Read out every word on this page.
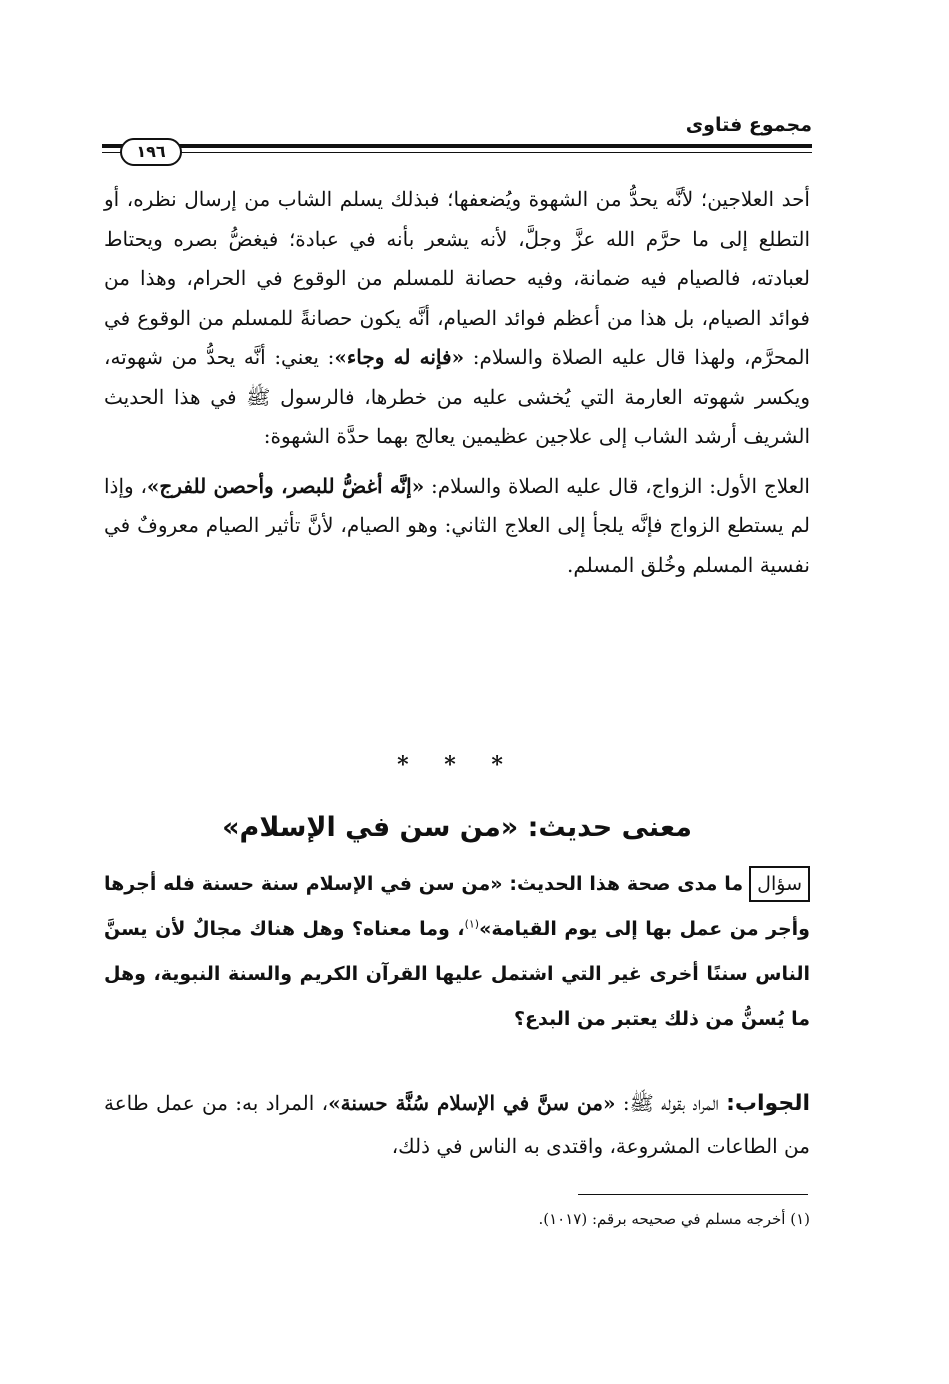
مجموع فتاوى
١٩٦

أحد العلاجين؛ لأنَّه يحدُّ من الشهوة ويُضعفها؛ فبذلك يسلم الشاب من إرسال نظره، أو التطلع إلى ما حرَّم الله عزَّ وجلَّ، لأنه يشعر بأنه في عبادة؛ فيغضُّ بصره ويحتاط لعبادته، فالصيام فيه ضمانة، وفيه حصانة للمسلم من الوقوع في الحرام، وهذا من فوائد الصيام، بل هذا من أعظم فوائد الصيام، أنَّه يكون حصانةً للمسلم من الوقوع في المحرَّم، ولهذا قال عليه الصلاة والسلام: «فإنه له وجاء»: يعني: أنَّه يحدُّ من شهوته، ويكسر شهوته العارمة التي يُخشى عليه من خطرها، فالرسول ﷺ في هذا الحديث الشريف أرشد الشاب إلى علاجين عظيمين يعالج بهما حدَّة الشهوة:

العلاج الأول: الزواج، قال عليه الصلاة والسلام: «إنَّه أغضُّ للبصر، وأحصن للفرج»، وإذا لم يستطع الزواج فإنَّه يلجأ إلى العلاج الثاني: وهو الصيام، لأنَّ تأثير الصيام معروفٌ في نفسية المسلم وخُلق المسلم.

* * *
معنى حديث: «من سن في الإسلام»
سؤالما مدى صحة هذا الحديث: «من سن في الإسلام سنة حسنة فله أجرها وأجر من عمل بها إلى يوم القيامة»$^{(١)}$، وما معناه؟ وهل هناك مجالٌ لأن يسنَّ الناس سننًا أخرى غير التي اشتمل عليها القرآن الكريم والسنة النبوية، وهل ما يُسنُّ من ذلك يعتبر من البدع؟
الجواب: المراد بقوله ﷺ: «من سنَّ في الإسلام سُنَّة حسنة»، المراد به: من عمل طاعة من الطاعات المشروعة، واقتدى به الناس في ذلك،
(١) أخرجه مسلم في صحيحه برقم: (١٠١٧).
